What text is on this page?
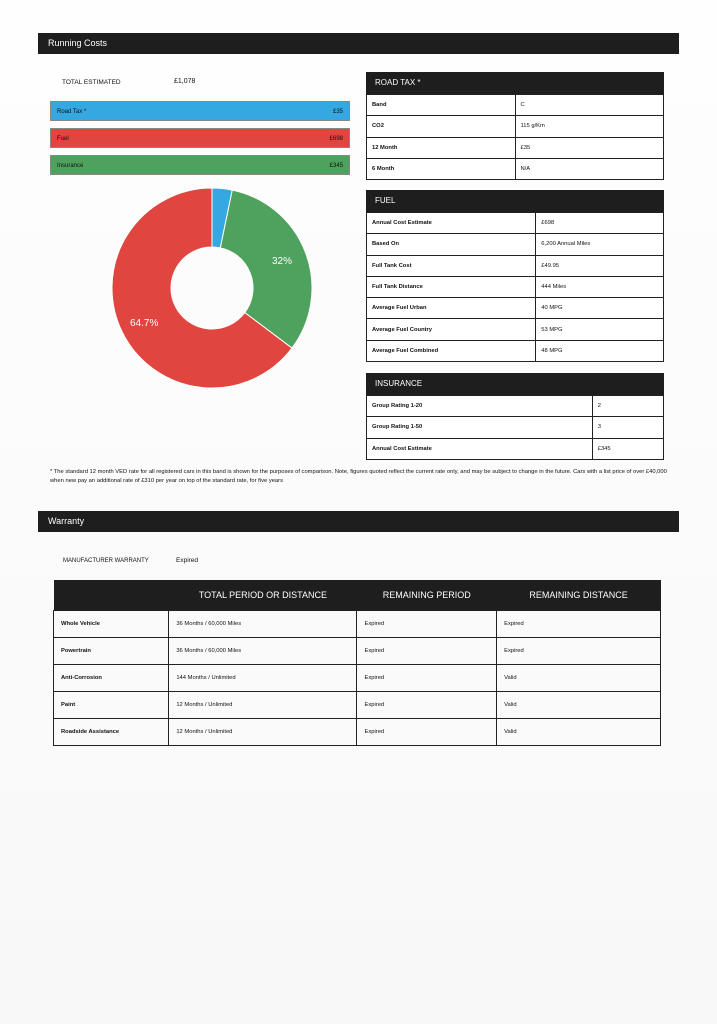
Running Costs
TOTAL ESTIMATED	£1,078
Road Tax *	£35
Fuel	£698
Insurance	£345
32%
64.7%
ROAD TAX *
Band	C
CO2	115 g/Km
12 Month	£35
6 Month	N/A
FUEL
Annual Cost Estimate	£698
Based On	6,200 Annual Miles
Full Tank Cost	£49.95
Full Tank Distance	444 Miles
Average Fuel Urban	40 MPG
Average Fuel Country	53 MPG
Average Fuel Combined	48 MPG
INSURANCE
Group Rating 1-20	2
Group Rating 1-50	3
Annual Cost Estimate	£345
* The standard 12 month VED rate for all registered cars in this band is shown for the purposes of comparison. Note, figures quoted reflect the current rate only, and may be subject to change in the future. Cars with a list price of over £40,000 when new pay an additional rate of £310 per year on top of the standard rate, for five years
Warranty
MANUFACTURER WARRANTY	Expired
	TOTAL PERIOD OR DISTANCE	REMAINING PERIOD	REMAINING DISTANCE
Whole Vehicle	36 Months / 60,000 Miles	Expired	Expired
Powertrain	36 Months / 60,000 Miles	Expired	Expired
Anti-Corrosion	144 Months / Unlimited	Expired	Valid
Paint	12 Months / Unlimited	Expired	Valid
Roadside Assistance	12 Months / Unlimited	Expired	Valid
